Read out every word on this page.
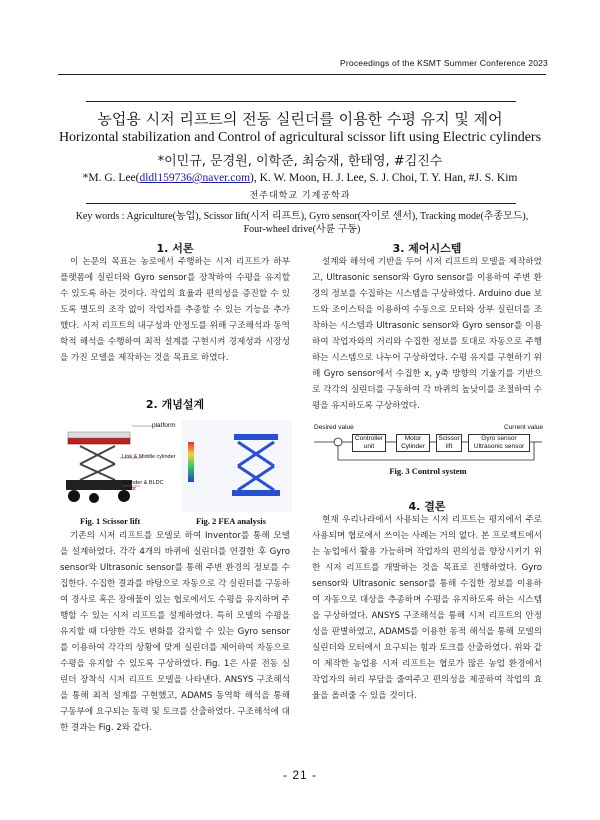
Proceedings of the KSMT Summer Conference 2023
농업용 시저 리프트의 전동 실린더를 이용한 수평 유지 및 제어
Horizontal stabilization and Control of agricultural scissor lift using Electric cylinders
*이민규, 문경원, 이학준, 최승재, 한태영, #김진수
*M. G. Lee(dldl159736@naver.com), K. W. Moon, H. J. Lee, S. J. Choi, T. Y. Han, #J. S. Kim
전주대학교 기계공학과
Key words : Agriculture(농업), Scissor lift(시저 리프트), Gyro sensor(자이로 센서), Tracking mode(추종모드), Four-wheel drive(사륜 구동)
1. 서론
이 논문의 목표는 농로에서 주행하는 시저 리프트가 하부 플랫폼에 실린더와 Gyro sensor를 장착하여 수평을 유지할 수 있도록 하는 것이다. 작업의 효율과 편의성을 증진할 수 있도록 별도의 조작 없이 작업자를 추종할 수 있는 기능을 추가했다. 시저 리프트의 내구성과 안정도를 위해 구조해석과 동역학적 해석을 수행하여 최적 설계를 구현시켜 경제성과 시장성을 가진 모델을 제작하는 것을 목표로 하였다.
2. 개념설계
platform
Link & Middle cylinder
Cylinder & BLDC motor
Fig. 1 Scissor lift	Fig. 2 FEA analysis
기존의 시저 리프트를 모델로 하여 Inventor를 통해 모델을 설계하였다. 각각 4개의 바퀴에 실린더를 연결한 후 Gyro sensor와 Ultrasonic sensor를 통해 주변 환경의 정보를 수집한다. 수집한 결과를 바탕으로 자동으로 각 실린더를 구동하여 경사로 혹은 장애물이 있는 협로에서도 수평을 유지하며 주행할 수 있는 시저 리프트를 설계하였다. 특히 모델의 수평을 유지할 때 다양한 각도 변화를 감지할 수 있는 Gyro sensor를 이용하여 각각의 상황에 맞게 실린더를 제어하여 자동으로 수평을 유지할 수 있도록 구상하였다. Fig. 1은 사륜 전동 실린더 장착식 시저 리프트 모델을 나타낸다. ANSYS 구조해석을 통해 최적 설계를 구현했고, ADAMS 동역학 해석을 통해 구동부에 요구되는 동력 및 토크를 산출하였다. 구조해석에 대한 결과는 Fig. 2와 같다.
3. 제어시스템
설계와 해석에 기반을 두어 시저 리프트의 모델을 제작하였고, Ultrasonic sensor와 Gyro sensor를 이용하여 주변 환경의 정보를 수집하는 시스템을 구상하였다. Arduino due 보드와 조이스틱을 이용하여 수동으로 모터와 상부 실린더를 조작하는 시스템과 Ultrasonic sensor와 Gyro sensor를 이용하여 작업자와의 거리와 수집한 정보를 토대로 자동으로 주행하는 시스템으로 나누어 구상하였다. 수평 유지를 구현하기 위해 Gyro sensor에서 수집한 x, y축 방향의 기울기를 기반으로 각각의 실린더를 구동하여 각 바퀴의 높낮이를 조절하여 수평을 유지하도록 구상하였다.
Desired value	Current value
Controller unit
Motor Cylinder
Scissor lift
Gyro sensor Ultrasonic sensor
Fig. 3 Control system
4. 결론
현재 우리나라에서 사용되는 시저 리프트는 평지에서 주로 사용되며 협로에서 쓰이는 사례는 거의 없다. 본 프로젝트에서는 농업에서 활용 가능하며 작업자의 편의성을 향상시키기 위한 시저 리프트를 개발하는 것을 목표로 진행하였다. Gyro sensor와 Ultrasonic sensor를 통해 수집한 정보를 이용하여 자동으로 대상을 추종하며 수평을 유지하도록 하는 시스템을 구상하였다. ANSYS 구조해석을 통해 시저 리프트의 안정성을 판별하였고, ADAMS를 이용한 동적 해석을 통해 모델의 실린더와 모터에서 요구되는 힘과 토크를 산출하였다. 위와 같이 제작한 농업용 시저 리프트는 협로가 많은 농업 환경에서 작업자의 허리 부담을 줄여주고 편의성을 제공하여 작업의 효율을 올려줄 수 있을 것이다.
- 21 -
